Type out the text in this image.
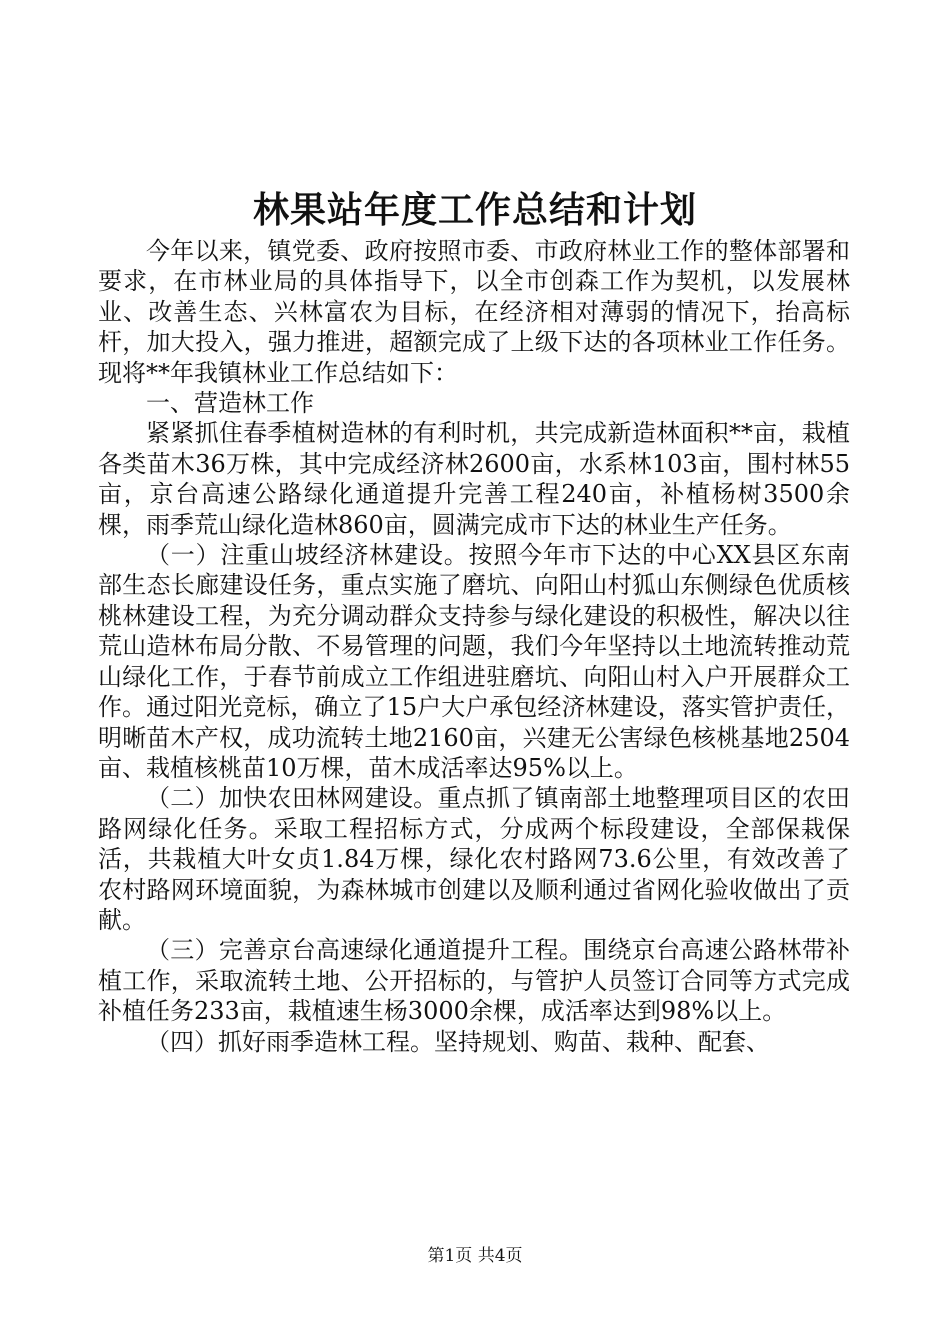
林果站年度工作总结和计划

今年以来，镇党委、政府按照市委、市政府林业工作的整体部署和要求，在市林业局的具体指导下，以全市创森工作为契机，以发展林业、改善生态、兴林富农为目标，在经济相对薄弱的情况下，抬高标杆，加大投入，强力推进，超额完成了上级下达的各项林业工作任务。现将**年我镇林业工作总结如下：

一、营造林工作

紧紧抓住春季植树造林的有利时机，共完成新造林面积**亩，栽植各类苗木36万株，其中完成经济林2600亩，水系林103亩，围村林55亩，京台高速公路绿化通道提升完善工程240亩，补植杨树3500余棵，雨季荒山绿化造林860亩，圆满完成市下达的林业生产任务。

（一）注重山坡经济林建设。按照今年市下达的中心XX县区东南部生态长廊建设任务，重点实施了磨坑、向阳山村狐山东侧绿色优质核桃林建设工程，为充分调动群众支持参与绿化建设的积极性，解决以往荒山造林布局分散、不易管理的问题，我们今年坚持以土地流转推动荒山绿化工作，于春节前成立工作组进驻磨坑、向阳山村入户开展群众工作。通过阳光竞标，确立了15户大户承包经济林建设，落实管护责任，明晰苗木产权，成功流转土地2160亩，兴建无公害绿色核桃基地2504亩、栽植核桃苗10万棵，苗木成活率达95%以上。

（二）加快农田林网建设。重点抓了镇南部土地整理项目区的农田路网绿化任务。采取工程招标方式，分成两个标段建设，全部保栽保活，共栽植大叶女贞1.84万棵，绿化农村路网73.6公里，有效改善了农村路网环境面貌，为森林城市创建以及顺利通过省网化验收做出了贡献。

（三）完善京台高速绿化通道提升工程。围绕京台高速公路林带补植工作，采取流转土地、公开招标的，与管护人员签订合同等方式完成补植任务233亩，栽植速生杨3000余棵，成活率达到98%以上。

（四）抓好雨季造林工程。坚持规划、购苗、栽种、配套、

第1页 共4页
